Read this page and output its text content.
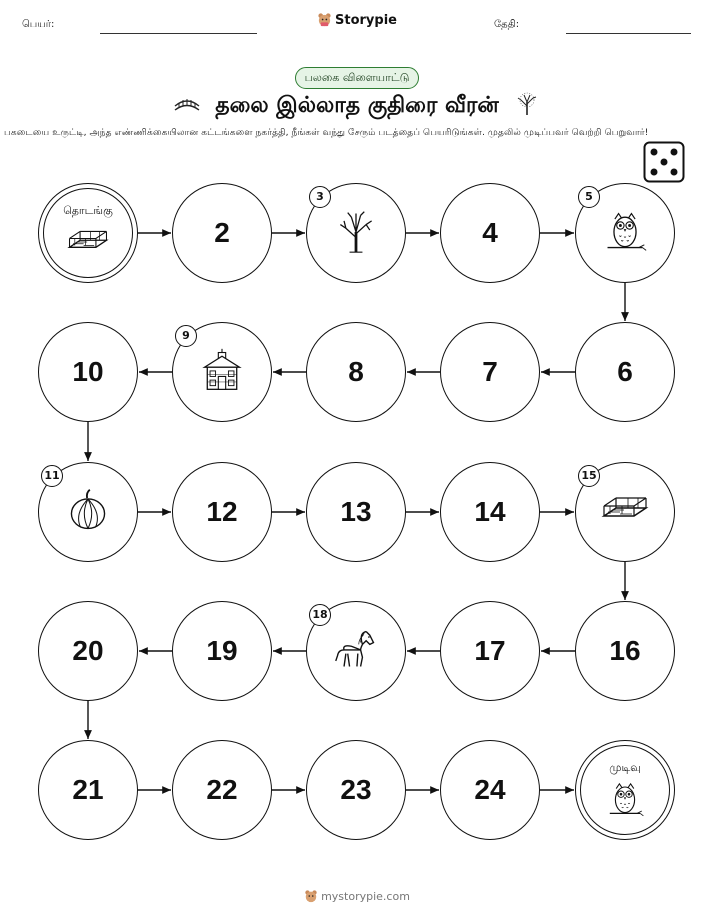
பெயர்:	Storypie	தேதி:
பலகை விளையாட்டு
தலை இல்லாத குதிரை வீரன்
பகடையை உருட்டி, அந்த எண்ணிக்கையிலான கட்டங்களை நகர்த்தி, நீங்கள் வந்து சேரும் படத்தைப் பெயரிடுங்கள். முதலில் முடிப்பவர் வெற்றி பெறுவார்!
தொடங்கு
2
3
4
5
6
7
8
9
10
11
12	13	14
15
16
17
18
19
20
21	22	23	24
முடிவு
mystorypie.com
